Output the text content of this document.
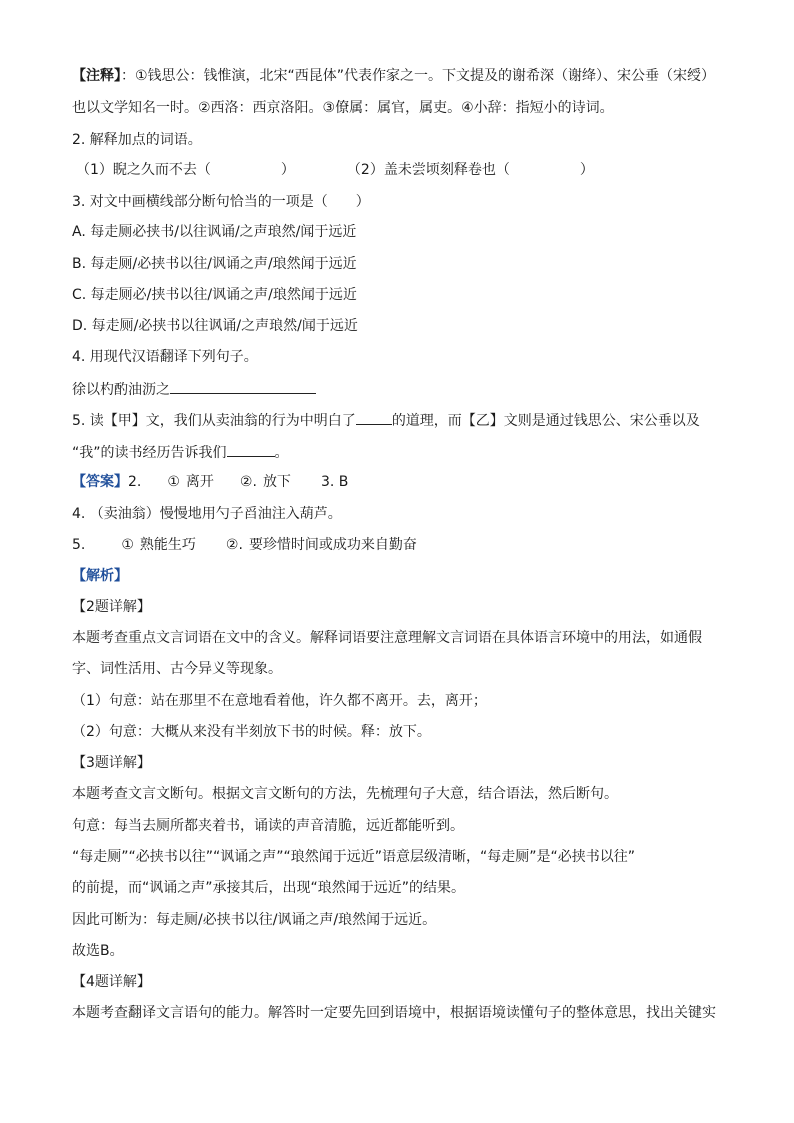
【注释】：①钱思公：钱惟演，北宋“西昆体”代表作家之一。下文提及的谢希深（谢绛）、宋公垂（宋绶）
也以文学知名一时。②西洛：西京洛阳。③僚属：属官，属吏。④小辞：指短小的诗词。
2. 解释加点的词语。
（1）睨之久而不去（	）	（2）盖未尝顷刻释卷也（	）
3. 对文中画横线部分断句恰当的一项是（　　）
A. 每走厕必挟书/以往讽诵/之声琅然/闻于远近
B. 每走厕/必挟书以往/讽诵之声/琅然闻于远近
C. 每走厕必/挟书以往/讽诵之声/琅然闻于远近
D. 每走厕/必挟书以往讽诵/之声琅然/闻于远近
4. 用现代汉语翻译下列句子。
徐以杓酌油沥之
5. 读【甲】文，我们从卖油翁的行为中明白了	的道理，而【乙】文则是通过钱思公、宋公垂以及
“我”的读书经历告诉我们	。
【答案】2. ① 离开 ②. 放下 3. B
4. （卖油翁）慢慢地用勺子舀油注入葫芦。
5.	① 熟能生巧 ②. 要珍惜时间或成功来自勤奋
【解析】
【2题详解】
本题考查重点文言词语在文中的含义。解释词语要注意理解文言词语在具体语言环境中的用法，如通假
字、词性活用、古今异义等现象。
（1）句意：站在那里不在意地看着他，许久都不离开。去，离开；
（2）句意：大概从来没有半刻放下书的时候。释：放下。
【3题详解】
本题考查文言文断句。根据文言文断句的方法，先梳理句子大意，结合语法，然后断句。
句意：每当去厕所都夹着书，诵读的声音清脆，远近都能听到。
“每走厕”“必挟书以往”“讽诵之声”“琅然闻于远近”语意层级清晰，“每走厕”是“必挟书以往”
的前提，而“讽诵之声”承接其后，出现“琅然闻于远近”的结果。
因此可断为：每走厕/必挟书以往/讽诵之声/琅然闻于远近。
故选B。
【4题详解】
本题考查翻译文言语句的能力。解答时一定要先回到语境中，根据语境读懂句子的整体意思，找出关键实
